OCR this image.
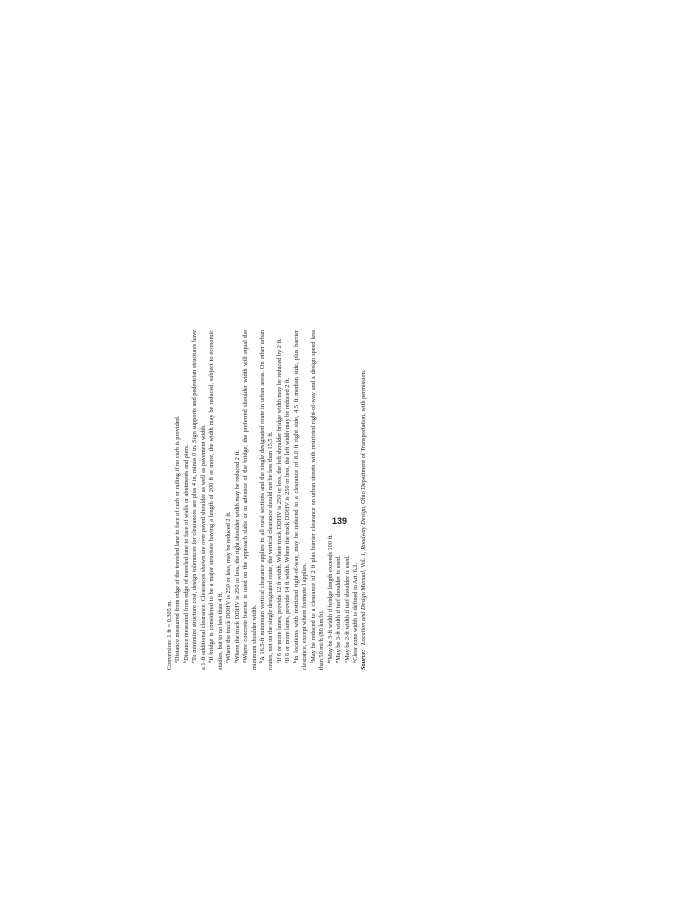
Conversion: 1 ft = 0.305 m. $^a$Distance measured from edge of the traveled lane to face of curb or railing if no curb is provided.

$^b$Distance measured from edge of traveled lane to face of walls or abutments and piers.

$^c$To minimize structure cost, design tolerances for clearances are plus 4 in, minus 0 in. Sign supports and pedestrian structures have a 1-ft additional clearance. Clearances shown are over paved shoulder as well as pavement width. $^d$If bridge is considered to be a major structure having a length of 200 ft or more, the width may be reduced, subject to economic studies, but to no less than 4 ft. $^e$Where the truck DDHV is 250 or less, may be reduced 2 ft.

$^f$Where the truck DDHV is 250 or less, the right shoulder width may be reduced 2 ft.

$^g$Where concrete barrier is used on the approach slabs or in advance of the bridge, the preferred shoulder width will equal the minimum shoulder width. $^h$A 16.5-ft minimum vertical clearance applies to all rural sections and the single designated route in urban areas. On other urban routes, not on the single designated route, the vertical clearance should not be less than 15.5 ft. $^i$If 6 or more lanes, provide 12 ft width. Where truck DDHV is 250 or less, the left shoulder bridge width may be reduced by 2 ft.

$^j$If 6 or more lanes, provide 14 ft width. Where the truck DDHV is 250 or less, the left width may be reduced 2 ft.

$^k$In locations with restricted right-of-way, may be reduced to a clearance of 8.0 ft right side, 4.5 ft median side, plus barrier clearance, except where footnote l applies. $^l$May be reduced to a clearance of 2 ft plus barrier clearance on urban streets with restricted right-of-way and a design speed less than 50 mi/h (80 km/h). $^m$May be 3-ft width if bridge length exceeds 100 ft.

$^n$May be 3-ft width if turf shoulder is used.

$^o$May be 2-ft width if turf shoulder is used.

$^p$Clear zone width is defined in Art. 6.2. Source:   Location and Design Manual, Vol. 1, Roadway Design, Ohio Department of Transportation, with permission.

139
